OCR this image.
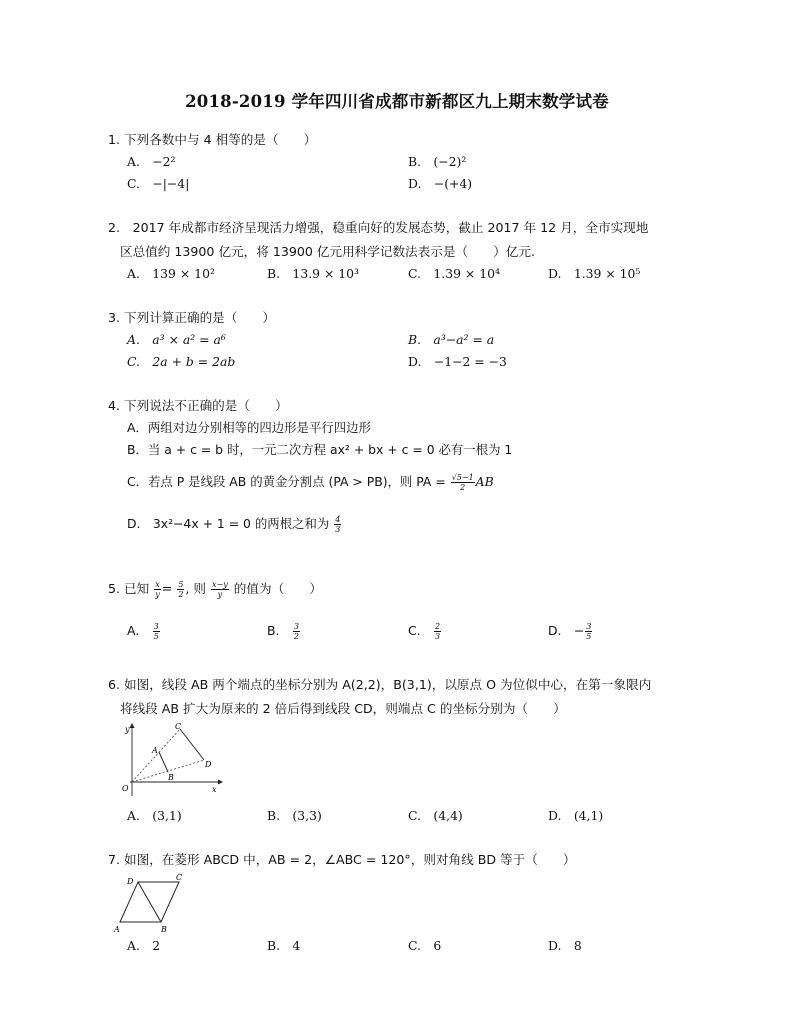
2018-2019 学年四川省成都市新都区九上期末数学试卷
1. 下列各数中与 4 相等的是（　　）
A.　−2²	B.　(−2)²
C.　−|−4|	D.　−(+4)
2.　2017 年成都市经济呈现活力增强，稳重向好的发展态势，截止 2017 年 12 月，全市实现地
区总值约 13900 亿元，将 13900 亿元用科学记数法表示是（　　）亿元.
A.　139 × 10²	B.　13.9 × 10³	C.　1.39 × 10⁴	D.　1.39 × 10⁵
3. 下列计算正确的是（　　）
A.　a³ × a² = a⁶	B.　a³−a² = a
C.　2a + b = 2ab	D.　−1−2 = −3
4. 下列说法不正确的是（　　）
A．两组对边分别相等的四边形是平行四边形
B．当 a + c = b 时，一元二次方程 ax² + bx + c = 0 必有一根为 1
C．若点 P 是线段 AB 的黄金分割点 (PA > PB)，则 PA = $\frac{√5-1}{2}$ AB
D.　3x²−4x + 1 = 0 的两根之和为 $\frac{4}{3}$
5. 已知 $\frac{x}{y} = \frac{5}{2}$ , 则 $\frac{x-y}{y}$ 的值为（　　）
A.　 $\frac{3}{5}$	B.　 $\frac{3}{2}$	C.　 $\frac{2}{3}$	D.　− $\frac{3}{5}$
6. 如图，线段 AB 两个端点的坐标分别为 A(2,2)，B(3,1)，以原点 O 为位似中心，在第一象限内
将线段 AB 扩大为原来的 2 倍后得到线段 CD，则端点 C 的坐标分别为（　　）
y
x
O
A
B
C
D
A.　(3,1)	B.　(3,3)	C.　(4,4)	D.　(4,1)
7. 如图，在菱形 ABCD 中，AB = 2，∠ABC = 120°，则对角线 BD 等于（　　）
A	B
C
D
A.　2	B.　4	C.　6	D.　8
